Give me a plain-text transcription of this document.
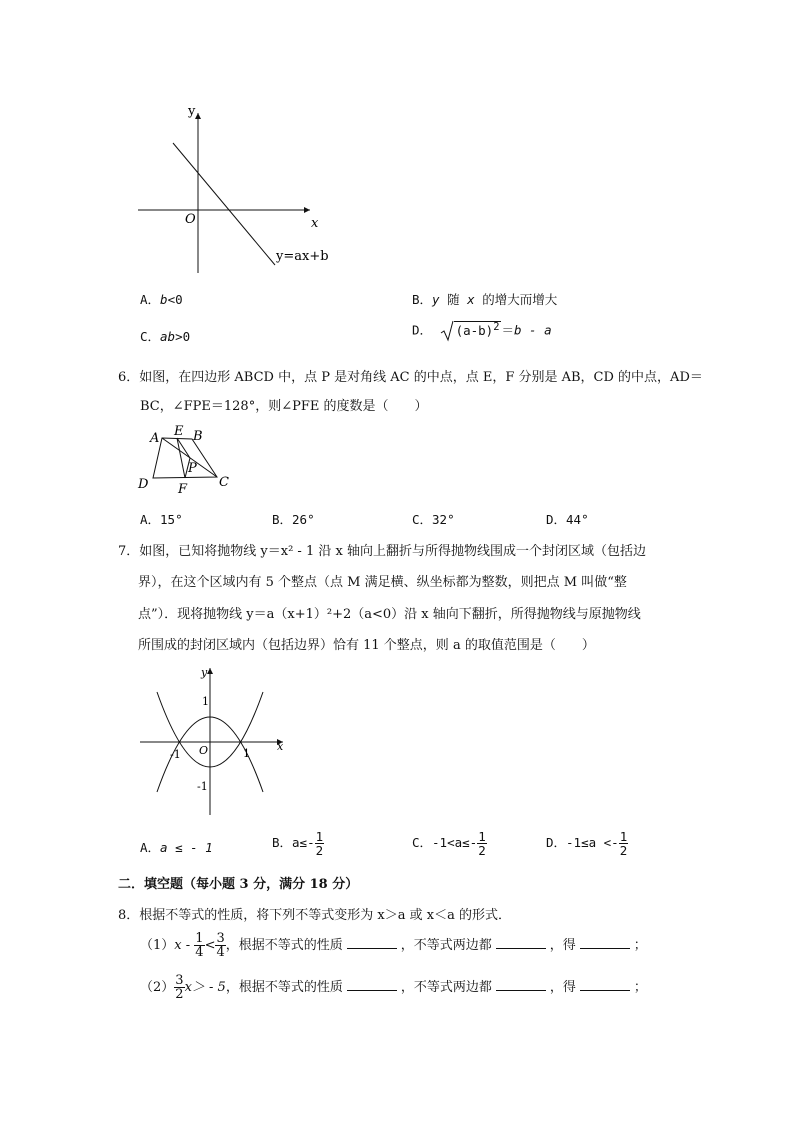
y
x
O
y=ax+b
A．b<0	B．y 随 x 的增大而增大
C．ab>0	D． $(a-b)^2 =b - a$
6．如图，在四边形 ABCD 中，点 P 是对角线 AC 的中点，点 E，F 分别是 AB，CD 的中点，AD＝
BC，∠FPE＝128°，则∠PFE 的度数是（　　）
A E B
P
D F C
A．15°	B．26°	C．32°	D．44°
7．如图，已知将抛物线 y＝x² - 1 沿 x 轴向上翻折与所得抛物线围成一个封闭区域（包括边
界），在这个区域内有 5 个整点（点 M 满足横、纵坐标都为整数，则把点 M 叫做“整
点”）．现将抛物线 y＝a（x+1）²+2（a<0）沿 x 轴向下翻折，所得抛物线与原抛物线
所围成的封闭区域内（包括边界）恰有 11 个整点，则 a 的取值范围是（　　）
y
x
O
1
-1	1
-1
A．a ≤ - 1	B．$a\le- \frac{1}{2}$	C．$-1<a\le- \frac{1}{2}$	D．$-1\le a <- \frac{1}{2}$
二．填空题（每小题 3 分，满分 18 分）
8．根据不等式的性质，将下列不等式变形为 x＞a 或 x＜a 的形式．
$(1)x - \frac{1}{4} < \frac{3}{4}$ ，根据不等式的性质	，不等式两边都	，得	；
$(2) \frac{3}{2} x> - 5$，根据不等式的性质	，不等式两边都	，得	；
